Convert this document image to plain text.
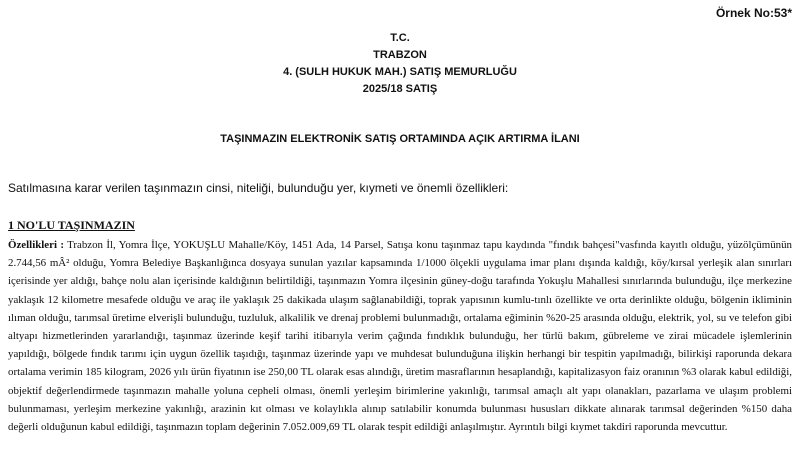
Örnek No:53*
T.C.
TRABZON
4. (SULH HUKUK MAH.) SATIŞ MEMURLUĞU
2025/18 SATIŞ
TAŞINMAZIN ELEKTRONİK SATIŞ ORTAMINDA AÇIK ARTIRMA İLANI
Satılmasına karar verilen taşınmazın cinsi, niteliği, bulunduğu yer, kıymeti ve önemli özellikleri:
1 NO'LU TAŞINMAZIN
Özellikleri : Trabzon İl, Yomra İlçe, YOKUŞLU Mahalle/Köy, 1451 Ada, 14 Parsel, Satışa konu taşınmaz tapu kaydında "fındık bahçesi"vasfında kayıtlı olduğu, yüzölçümünün 2.744,56 mÂ² olduğu, Yomra Belediye Başkanlığınca dosyaya sunulan yazılar kapsamında 1/1000 ölçekli uygulama imar planı dışında kaldığı, köy/kırsal yerleşik alan sınırları içerisinde yer aldığı, bahçe nolu alan içerisinde kaldığının belirtildiği, taşınmazın Yomra ilçesinin güney-doğu tarafında Yokuşlu Mahallesi sınırlarında bulunduğu, ilçe merkezine yaklaşık 12 kilometre mesafede olduğu ve araç ile yaklaşık 25 dakikada ulaşım sağlanabildiği, toprak yapısının kumlu-tınlı özellikte ve orta derinlikte olduğu, bölgenin ikliminin ılıman olduğu, tarımsal üretime elverişli bulunduğu, tuzluluk, alkalilik ve drenaj problemi bulunmadığı, ortalama eğiminin %20-25 arasında olduğu, elektrik, yol, su ve telefon gibi altyapı hizmetlerinden yararlandığı, taşınmaz üzerinde keşif tarihi itibarıyla verim çağında fındıklık bulunduğu, her türlü bakım, gübreleme ve zirai mücadele işlemlerinin yapıldığı, bölgede fındık tarımı için uygun özellik taşıdığı, taşınmaz üzerinde yapı ve muhdesat bulunduğuna ilişkin herhangi bir tespitin yapılmadığı, bilirkişi raporunda dekara ortalama verimin 185 kilogram, 2026 yılı ürün fiyatının ise 250,00 TL olarak esas alındığı, üretim masraflarının hesaplandığı, kapitalizasyon faiz oranının %3 olarak kabul edildiği, objektif değerlendirmede taşınmazın mahalle yoluna cepheli olması, önemli yerleşim birimlerine yakınlığı, tarımsal amaçlı alt yapı olanakları, pazarlama ve ulaşım problemi bulunmaması, yerleşim merkezine yakınlığı, arazinin kıt olması ve kolaylıkla alınıp satılabilir konumda bulunması hususları dikkate alınarak tarımsal değerinden %150 daha değerli olduğunun kabul edildiği, taşınmazın toplam değerinin 7.052.009,69 TL olarak tespit edildiği anlaşılmıştır. Ayrıntılı bilgi kıymet takdiri raporunda mevcuttur.
